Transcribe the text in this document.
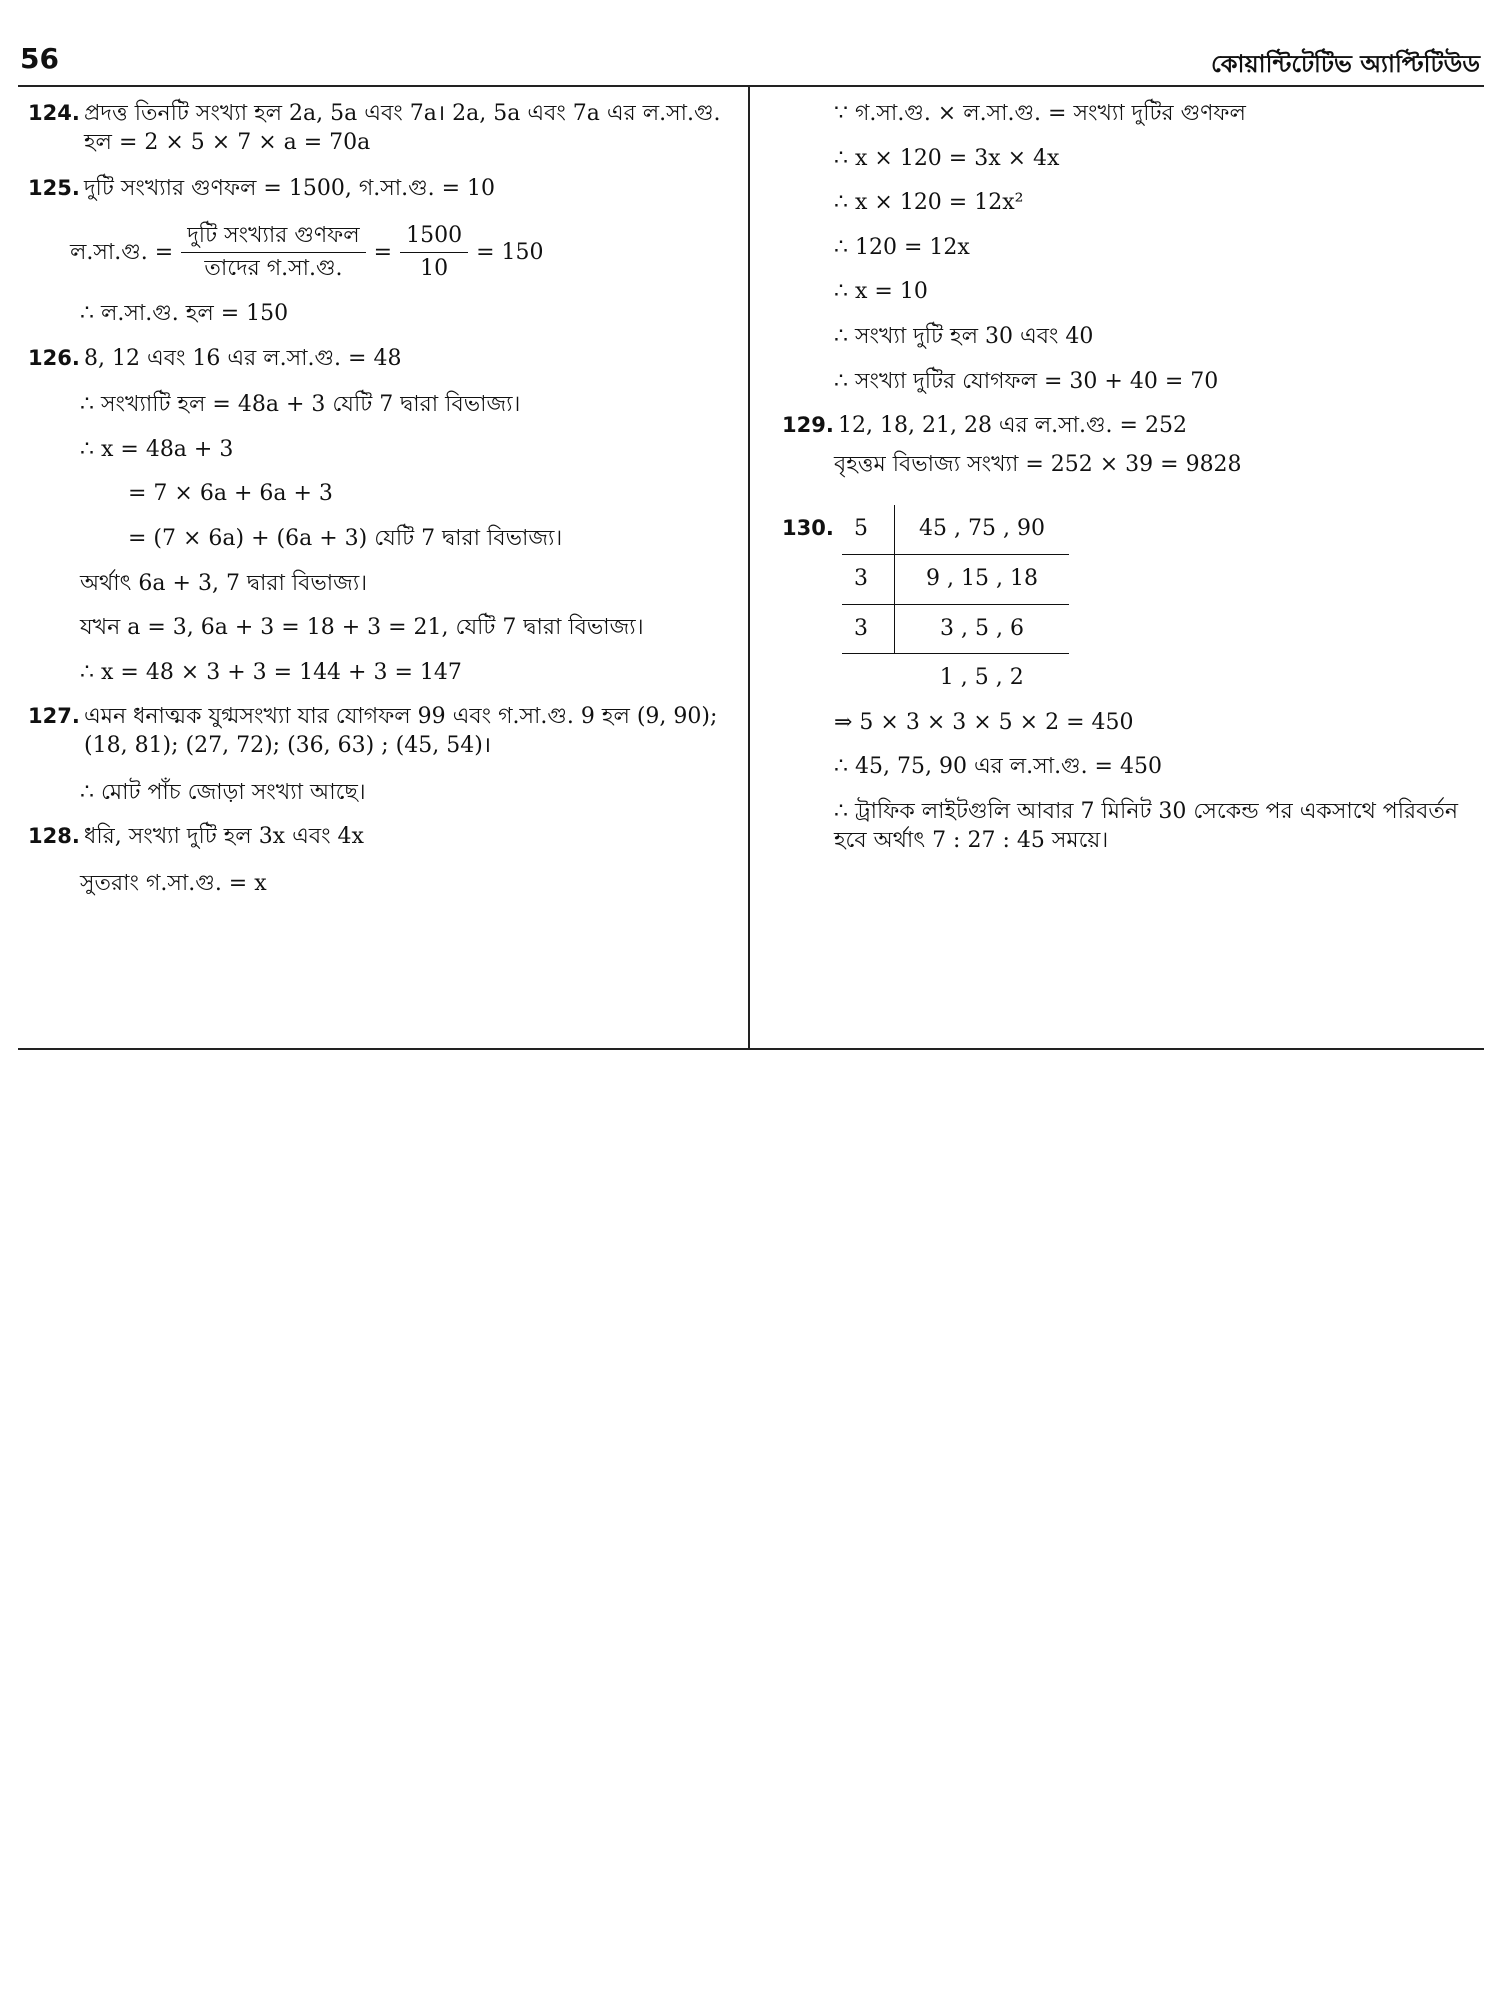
56	কোয়ান্টিটেটিভ অ্যাপ্টিটিউড
124. প্রদত্ত তিনটি সংখ্যা হল 2a, 5a এবং 7a। 2a, 5a এবং 7a এর ল.সা.গু.
হল = 2 × 5 × 7 × a = 70a
125. দুটি সংখ্যার গুণফল = 1500, গ.সা.গু. = 10
ল.সা.গু. = $\frac{\text{দুটি সংখ্যার গুণফল}}{\text{তাদের গ.সা.গু.}} = \frac{1500}{10} = 150$
∴ ল.সা.গু. হল = 150
126. 8, 12 এবং 16 এর ল.সা.গু. = 48
∴ সংখ্যাটি হল = 48a + 3 যেটি 7 দ্বারা বিভাজ্য।
∴ x = 48a + 3
= 7 × 6a + 6a + 3
= (7 × 6a) + (6a + 3) যেটি 7 দ্বারা বিভাজ্য।
অর্থাৎ 6a + 3, 7 দ্বারা বিভাজ্য।
যখন a = 3, 6a + 3 = 18 + 3 = 21, যেটি 7 দ্বারা বিভাজ্য।
∴ x = 48 × 3 + 3 = 144 + 3 = 147
127. এমন ধনাত্মক যুগ্মসংখ্যা যার যোগফল 99 এবং গ.সা.গু. 9 হল (9, 90);
(18, 81); (27, 72); (36, 63) ; (45, 54)।
∴ মোট পাঁচ জোড়া সংখ্যা আছে।
128. ধরি, সংখ্যা দুটি হল 3x এবং 4x
সুতরাং গ.সা.গু. = x
∵ গ.সা.গু. × ল.সা.গু. = সংখ্যা দুটির গুণফল
∴ x × 120 = 3x × 4x
∴ x × 120 = 12x²
∴ 120 = 12x
∴ x = 10
∴ সংখ্যা দুটি হল 30 এবং 40
∴ সংখ্যা দুটির যোগফল = 30 + 40 = 70
129. 12, 18, 21, 28 এর ল.সা.গু. = 252
বৃহত্তম বিভাজ্য সংখ্যা = 252 × 39 = 9828
130. 5	45 , 75 , 90
3	9 , 15 , 18
3	3 , 5 , 6
	1 , 5 , 2
⇒ 5 × 3 × 3 × 5 × 2 = 450
∴ 45, 75, 90 এর ল.সা.গু. = 450
∴ ট্রাফিক লাইটগুলি আবার 7 মিনিট 30 সেকেন্ড পর একসাথে পরিবর্তন
হবে অর্থাৎ 7 : 27 : 45 সময়ে।
